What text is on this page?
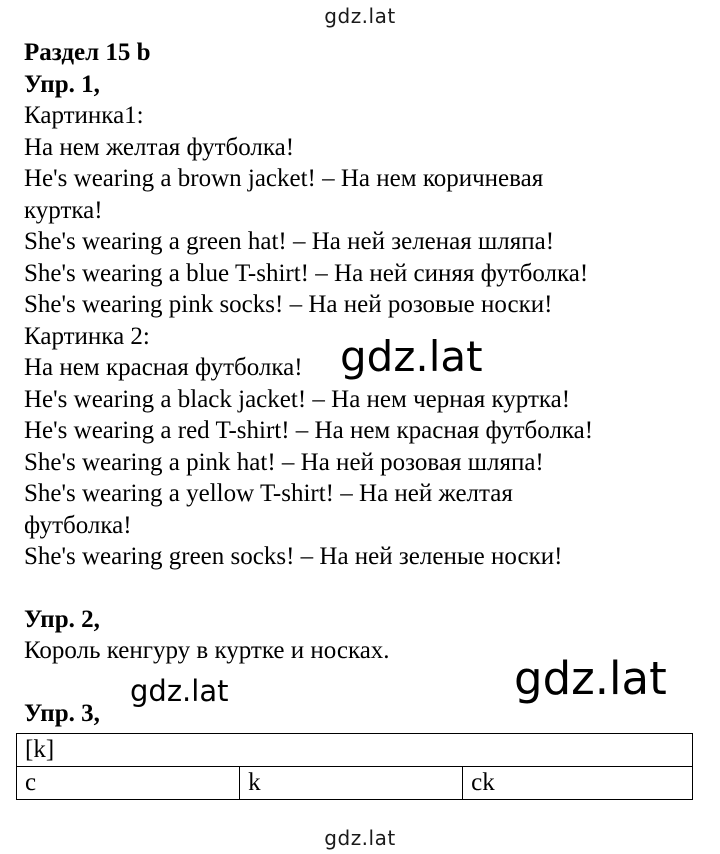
gdz.lat
Раздел 15 b
Упр. 1,
Картинка1:
На нем желтая футболка!
He's wearing a brown jacket! – На нем коричневая
куртка!
She's wearing a green hat! – На ней зеленая шляпа!
She's wearing a blue T-shirt! – На ней синяя футболка!
She's wearing pink socks! – На ней розовые носки!
Картинка 2:
На нем красная футболка!
He's wearing a black jacket! – На нем черная куртка!
He's wearing a red T-shirt! – На нем красная футболка!
She's wearing a pink hat! – На ней розовая шляпа!
She's wearing a yellow T-shirt! – На ней желтая
футболка!
She's wearing green socks! – На ней зеленые носки!
Упр. 2,
Король кенгуру в куртке и носках.
Упр. 3,
[k]
c	k	ck
gdz.lat
gdz.lat	gdz.lat
gdz.lat
